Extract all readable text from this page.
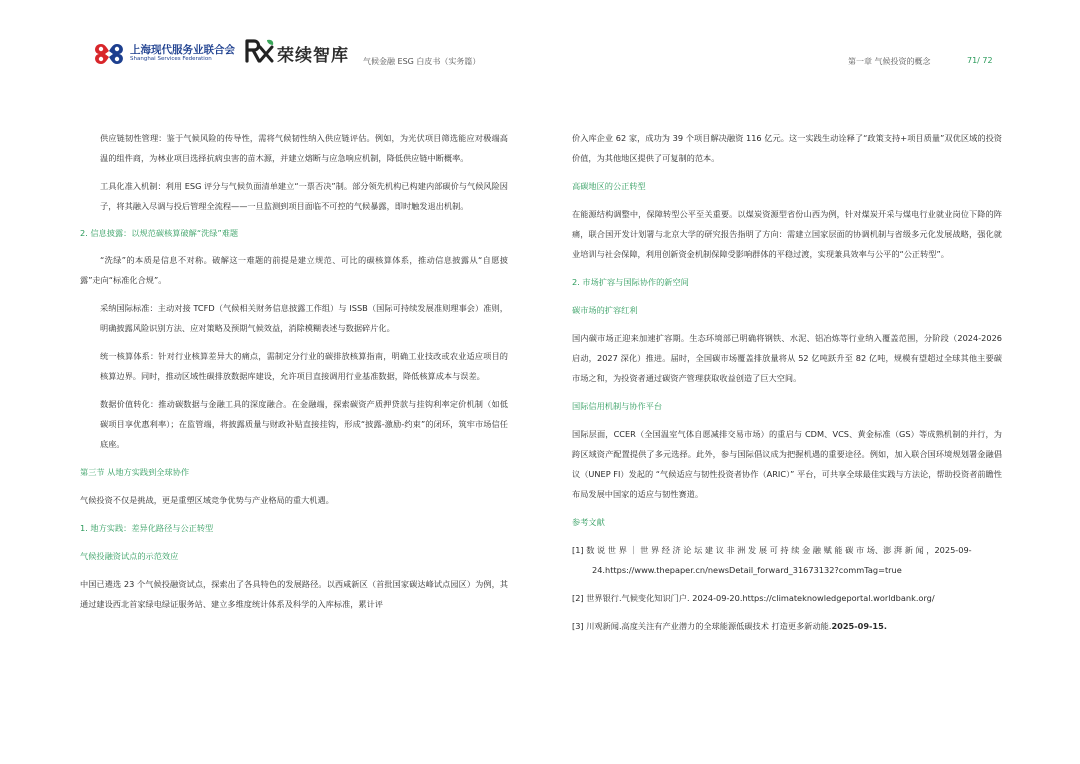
上海现代服务业联合会
Shanghai Services Federation	荣续智库 气候金融 ESG 白皮书（实务篇）	第一章 气候投资的概念	71/ 72

供应链韧性管理：鉴于气候风险的传导性，需将气候韧性纳入供应链评估。例如，为光伏项目筛选能应对极端高温的组件商，为林业项目选择抗病虫害的苗木源，并建立熔断与应急响应机制，降低供应链中断概率。

工具化准入机制：利用 ESG 评分与气候负面清单建立“一票否决”制。部分领先机构已构建内部碳价与气候风险因子，将其融入尽调与投后管理全流程——一旦监测到项目面临不可控的气候暴露，即时触发退出机制。

2. 信息披露：以规范碳核算破解“洗绿”难题

“洗绿”的本质是信息不对称。破解这一难题的前提是建立规范、可比的碳核算体系，推动信息披露从“自愿披露”走向“标准化合规”。

采纳国际标准：主动对接 TCFD（气候相关财务信息披露工作组）与 ISSB（国际可持续发展准则理事会）准则，明确披露风险识别方法、应对策略及预期气候效益，消除模糊表述与数据碎片化。

统一核算体系：针对行业核算差异大的痛点，需制定分行业的碳排放核算指南，明确工业技改或农业适应项目的核算边界。同时，推动区域性碳排放数据库建设，允许项目直接调用行业基准数据，降低核算成本与误差。

数据价值转化：推动碳数据与金融工具的深度融合。在金融端，探索碳资产质押贷款与挂钩利率定价机制（如低碳项目享优惠利率）；在监管端，将披露质量与财政补贴直接挂钩，形成“披露-激励-约束”的闭环，筑牢市场信任底座。

第三节 从地方实践到全球协作

气候投资不仅是挑战，更是重塑区域竞争优势与产业格局的重大机遇。

1. 地方实践：差异化路径与公正转型

气候投融资试点的示范效应

中国已遴选 23 个气候投融资试点，探索出了各具特色的发展路径。以西咸新区（首批国家碳达峰试点园区）为例，其通过建设西北首家绿电绿证服务站、建立多维度统计体系及科学的入库标准，累计评

价入库企业 62 家，成功为 39 个项目解决融资 116 亿元。这一实践生动诠释了“政策支持+项目质量”双优区域的投资价值，为其他地区提供了可复制的范本。

高碳地区的公正转型

在能源结构调整中，保障转型公平至关重要。以煤炭资源型省份山西为例，针对煤炭开采与煤电行业就业岗位下降的阵痛，联合国开发计划署与北京大学的研究报告指明了方向：需建立国家层面的协调机制与省级多元化发展战略，强化就业培训与社会保障，利用创新资金机制保障受影响群体的平稳过渡，实现兼具效率与公平的“公正转型”。

2. 市场扩容与国际协作的新空间

碳市场的扩容红利

国内碳市场正迎来加速扩容期。生态环境部已明确将钢铁、水泥、铝冶炼等行业纳入覆盖范围，分阶段（2024-2026 启动，2027 深化）推进。届时，全国碳市场覆盖排放量将从 52 亿吨跃升至 82 亿吨，规模有望超过全球其他主要碳市场之和，为投资者通过碳资产管理获取收益创造了巨大空间。

国际信用机制与协作平台

国际层面，CCER（全国温室气体自愿减排交易市场）的重启与 CDM、VCS、黄金标准（GS）等成熟机制的并行，为跨区域资产配置提供了多元选择。此外，参与国际倡议成为把握机遇的重要途径。例如，加入联合国环境规划署金融倡议（UNEP FI）发起的 “气候适应与韧性投资者协作（ARIC）” 平台，可共享全球最佳实践与方法论，帮助投资者前瞻性布局发展中国家的适应与韧性赛道。

参考文献

[1] 数 说 世 界 ｜ 世 界 经 济 论 坛 建 议 非 洲 发 展 可 持 续 金 融 赋 能 碳 市 场、澎 湃 新 闻 ，2025-09-
24.https://www.thepaper.cn/newsDetail_forward_31673132?commTag=true

[2] 世界银行.气候变化知识门户. 2024-09-20.https://climateknowledgeportal.worldbank.org/

[3] 川观新闻.高度关注有产业潜力的全球能源低碳技术 打造更多新动能.2025-09-15.
